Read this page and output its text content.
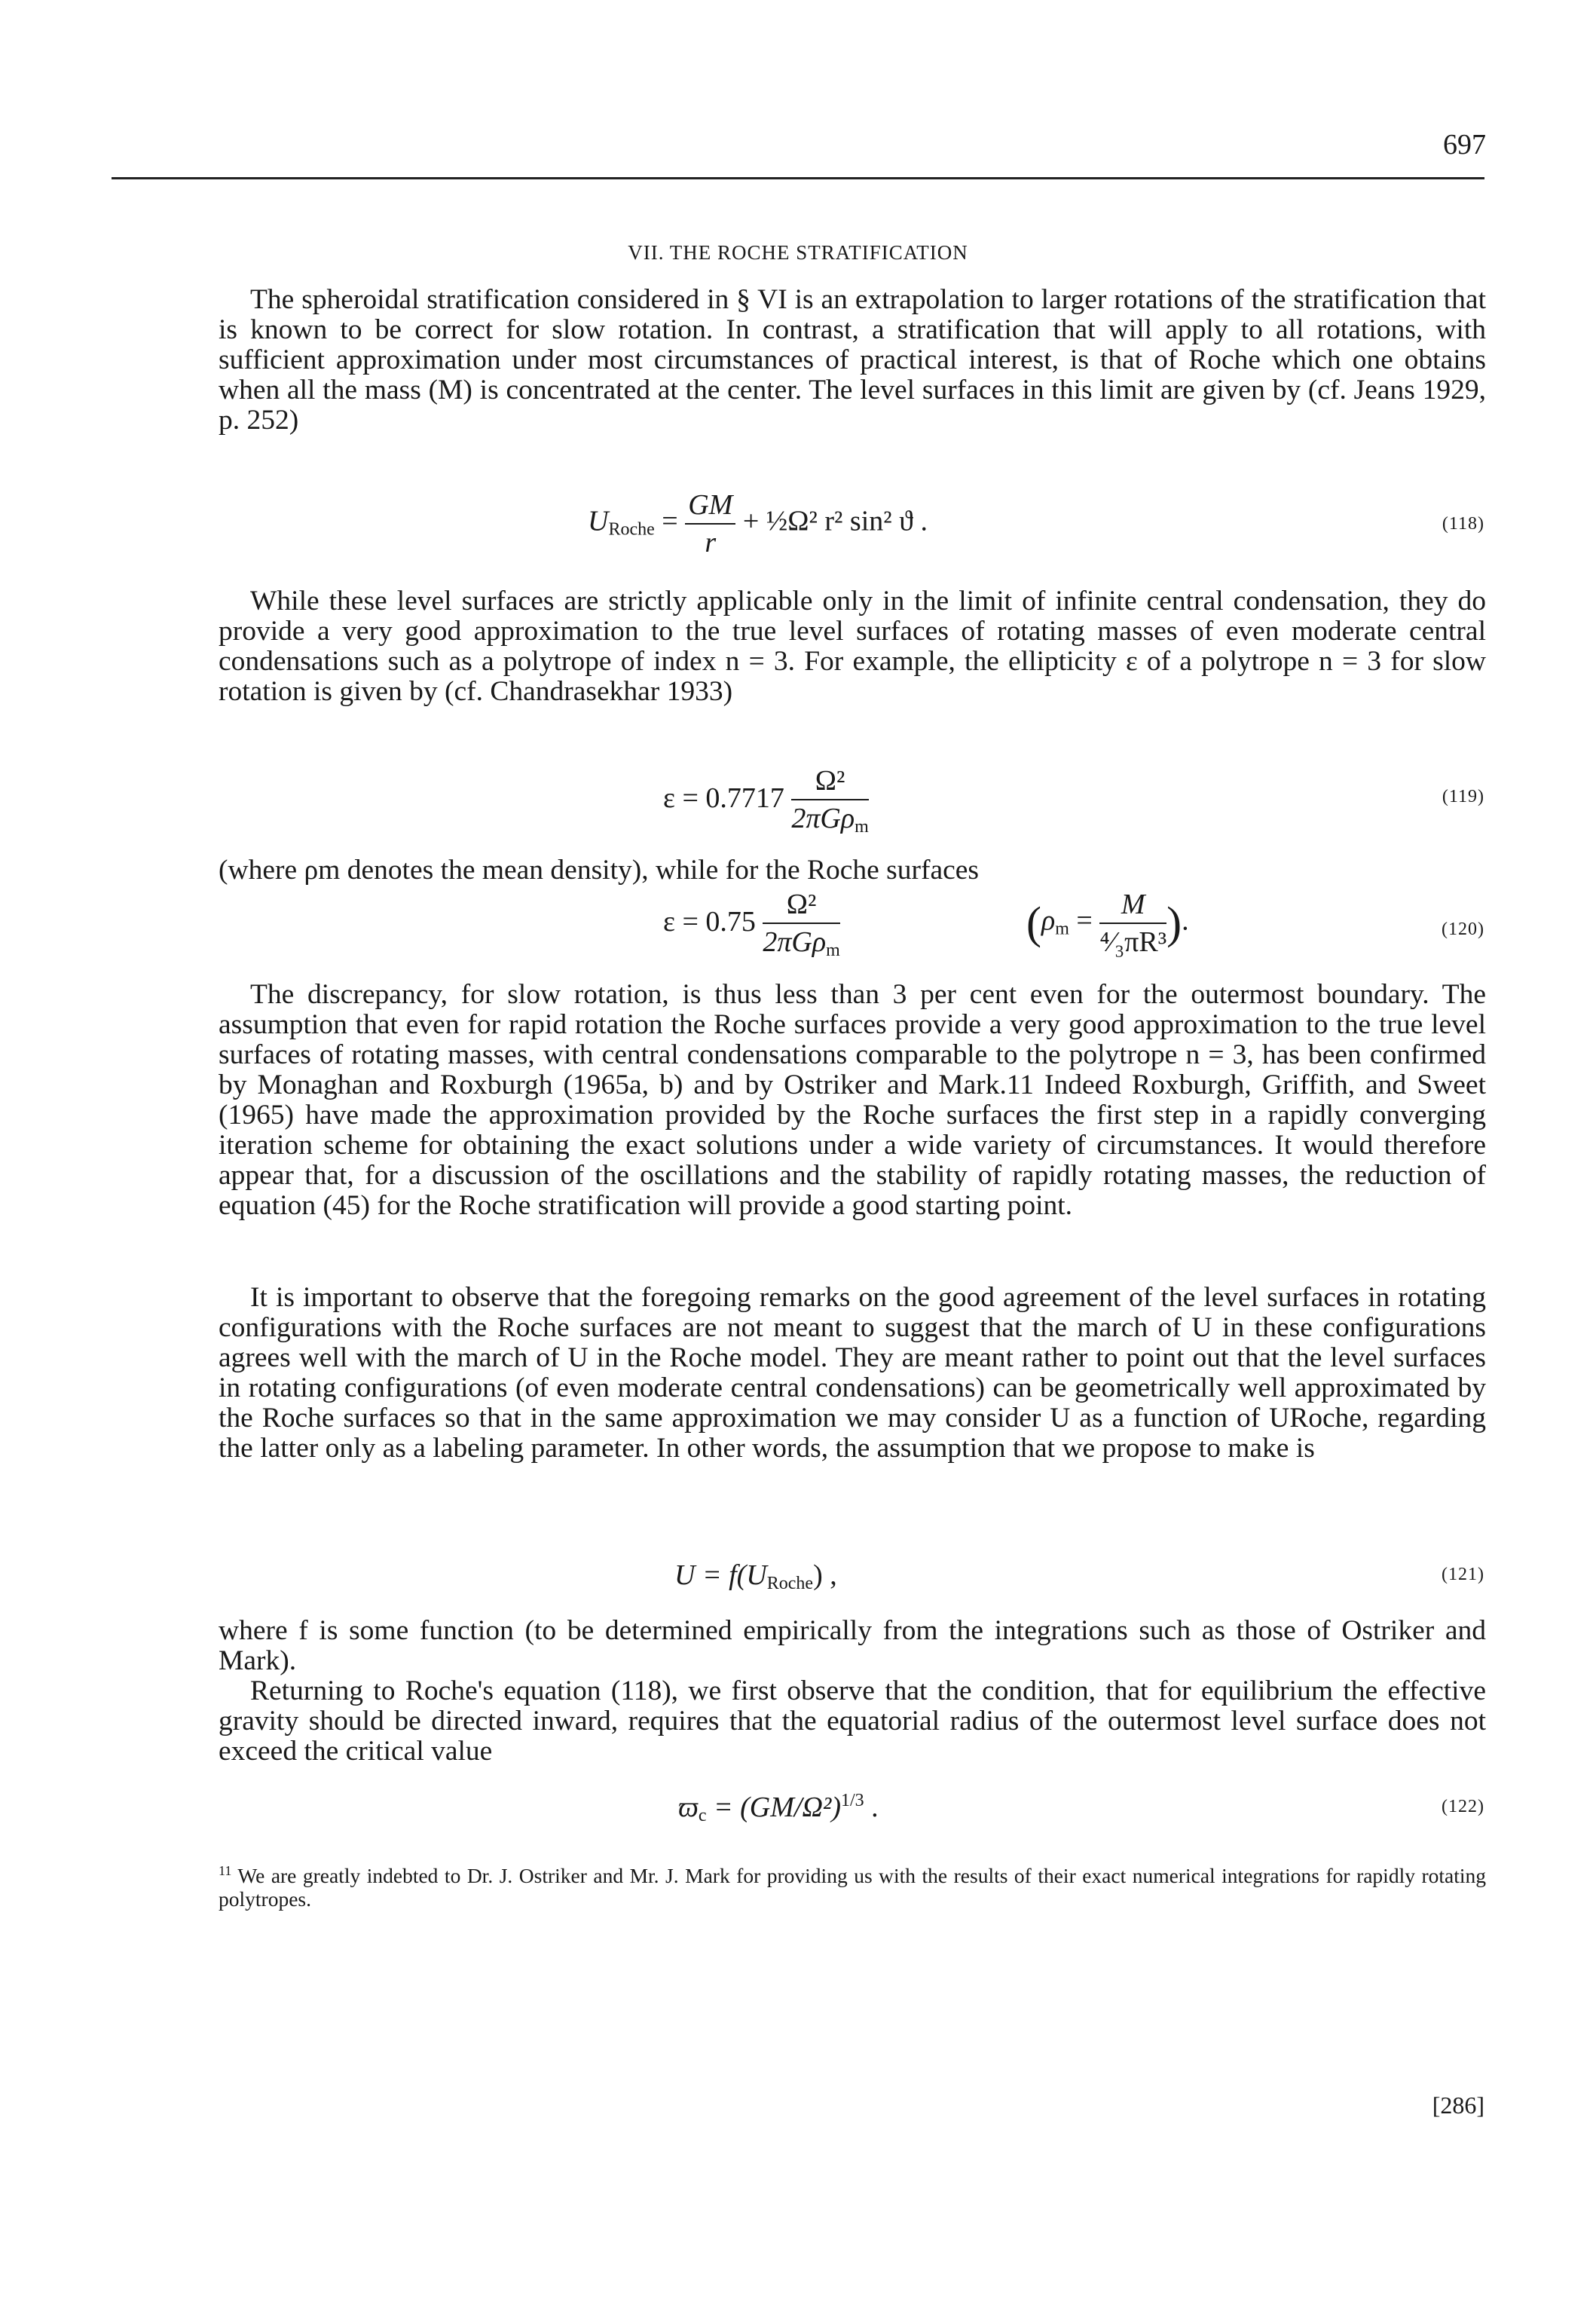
697
VII. THE ROCHE STRATIFICATION

The spheroidal stratification considered in § VI is an extrapolation to larger rotations of the stratification that is known to be correct for slow rotation. In contrast, a stratification that will apply to all rotations, with sufficient approximation under most circumstances of practical interest, is that of Roche which one obtains when all the mass (M) is concentrated at the center. The level surfaces in this limit are given by (cf. Jeans 1929, p. 252)

$U_{Roche} = \frac{GM}{r}$ + ½Ω² r² sin² ϑ .	(118)

While these level surfaces are strictly applicable only in the limit of infinite central condensation, they do provide a very good approximation to the true level surfaces of rotating masses of even moderate central condensations such as a polytrope of index n = 3. For example, the ellipticity ε of a polytrope n = 3 for slow rotation is given by (cf. Chandrasekhar 1933)

$\varepsilon = 0.7717 \frac{\text{Ω²}}{2\pi G\rho_m}$	(119)

(where ρm denotes the mean density), while for the Roche surfaces

$\varepsilon = 0.75 \frac{\text{Ω²}}{2\pi G\rho_m}$	($\rho_m = \frac{M}{\text{⁴⁄₃πR³}}$ ).	(120)

The discrepancy, for slow rotation, is thus less than 3 per cent even for the outermost boundary. The assumption that even for rapid rotation the Roche surfaces provide a very good approximation to the true level surfaces of rotating masses, with central condensations comparable to the polytrope n = 3, has been confirmed by Monaghan and Roxburgh (1965a, b) and by Ostriker and Mark.11 Indeed Roxburgh, Griffith, and Sweet (1965) have made the approximation provided by the Roche surfaces the first step in a rapidly converging iteration scheme for obtaining the exact solutions under a wide variety of circumstances. It would therefore appear that, for a discussion of the oscillations and the stability of rapidly rotating masses, the reduction of equation (45) for the Roche stratification will provide a good starting point.

It is important to observe that the foregoing remarks on the good agreement of the level surfaces in rotating configurations with the Roche surfaces are not meant to suggest that the march of U in these configurations agrees well with the march of U in the Roche model. They are meant rather to point out that the level surfaces in rotating configurations (of even moderate central condensations) can be geometrically well approximated by the Roche surfaces so that in the same approximation we may consider U as a function of URoche, regarding the latter only as a labeling parameter. In other words, the assumption that we propose to make is

$U = f(U_{Roche})$ ,	(121)

where f is some function (to be determined empirically from the integrations such as those of Ostriker and Mark).

Returning to Roche's equation (118), we first observe that the condition, that for equilibrium the effective gravity should be directed inward, requires that the equatorial radius of the outermost level surface does not exceed the critical value

$ϖ_c = (GM/\Omega^2)^{1/3}$ .	(122)
$^{11}$ We are greatly indebted to Dr. J. Ostriker and Mr. J. Mark for providing us with the results of their exact numerical integrations for rapidly rotating polytropes.
[286]
